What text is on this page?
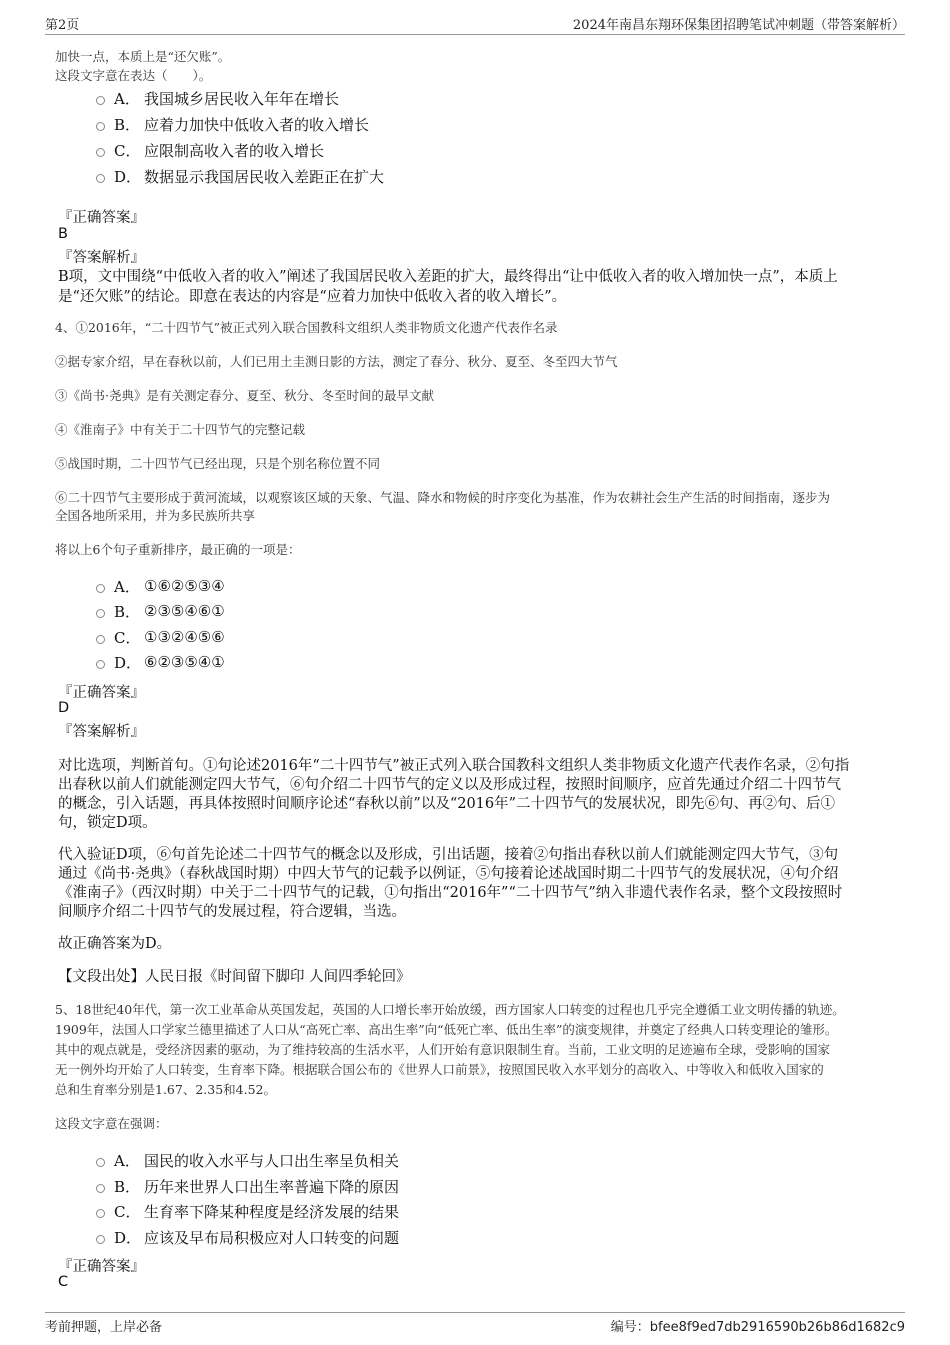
第2页	2024年南昌东翔环保集团招聘笔试冲刺题（带答案解析）
加快一点，本质上是“还欠账”。
这段文字意在表达（　　）。
A． 我国城乡居民收入年年在增长
B． 应着力加快中低收入者的收入增长
C． 应限制高收入者的收入增长
D． 数据显示我国居民收入差距正在扩大
『正确答案』
B
『答案解析』
B项，文中围绕“中低收入者的收入”阐述了我国居民收入差距的扩大，最终得出“让中低收入者的收入增加快一点”，本质上
是“还欠账”的结论。即意在表达的内容是“应着力加快中低收入者的收入增长”。
4、①2016年，“二十四节气”被正式列入联合国教科文组织人类非物质文化遗产代表作名录
②据专家介绍，早在春秋以前，人们已用土圭测日影的方法，测定了春分、秋分、夏至、冬至四大节气
③《尚书·尧典》是有关测定春分、夏至、秋分、冬至时间的最早文献
④《淮南子》中有关于二十四节气的完整记载
⑤战国时期，二十四节气已经出现，只是个别名称位置不同
⑥二十四节气主要形成于黄河流域，以观察该区域的天象、气温、降水和物候的时序变化为基准，作为农耕社会生产生活的时间指南，逐步为
全国各地所采用，并为多民族所共享
将以上6个句子重新排序，最正确的一项是：
A． ①⑥②⑤③④
B． ②③⑤④⑥①
C． ①③②④⑤⑥
D． ⑥②③⑤④①
『正确答案』
D
『答案解析』
对比选项，判断首句。①句论述2016年“二十四节气”被正式列入联合国教科文组织人类非物质文化遗产代表作名录，②句指
出春秋以前人们就能测定四大节气，⑥句介绍二十四节气的定义以及形成过程，按照时间顺序，应首先通过介绍二十四节气
的概念，引入话题，再具体按照时间顺序论述“春秋以前”以及“2016年”二十四节气的发展状况，即先⑥句、再②句、后①
句，锁定D项。
代入验证D项，⑥句首先论述二十四节气的概念以及形成，引出话题，接着②句指出春秋以前人们就能测定四大节气，③句
通过《尚书·尧典》（春秋战国时期）中四大节气的记载予以例证，⑤句接着论述战国时期二十四节气的发展状况，④句介绍
《淮南子》（西汉时期）中关于二十四节气的记载，①句指出“2016年”“二十四节气”纳入非遗代表作名录，整个文段按照时
间顺序介绍二十四节气的发展过程，符合逻辑，当选。
故正确答案为D。
【文段出处】人民日报《时间留下脚印 人间四季轮回》
5、18世纪40年代，第一次工业革命从英国发起，英国的人口增长率开始放缓，西方国家人口转变的过程也几乎完全遵循工业文明传播的轨迹。
1909年，法国人口学家兰德里描述了人口从“高死亡率、高出生率”向“低死亡率、低出生率”的演变规律，并奠定了经典人口转变理论的雏形。
其中的观点就是，受经济因素的驱动，为了维持较高的生活水平，人们开始有意识限制生育。当前，工业文明的足迹遍布全球，受影响的国家
无一例外均开始了人口转变，生育率下降。根据联合国公布的《世界人口前景》，按照国民收入水平划分的高收入、中等收入和低收入国家的
总和生育率分别是1.67、2.35和4.52。
这段文字意在强调：
A． 国民的收入水平与人口出生率呈负相关
B． 历年来世界人口出生率普遍下降的原因
C． 生育率下降某种程度是经济发展的结果
D． 应该及早布局积极应对人口转变的问题
『正确答案』
C
考前押题，上岸必备	编号：bfee8f9ed7db2916590b26b86d1682c9
